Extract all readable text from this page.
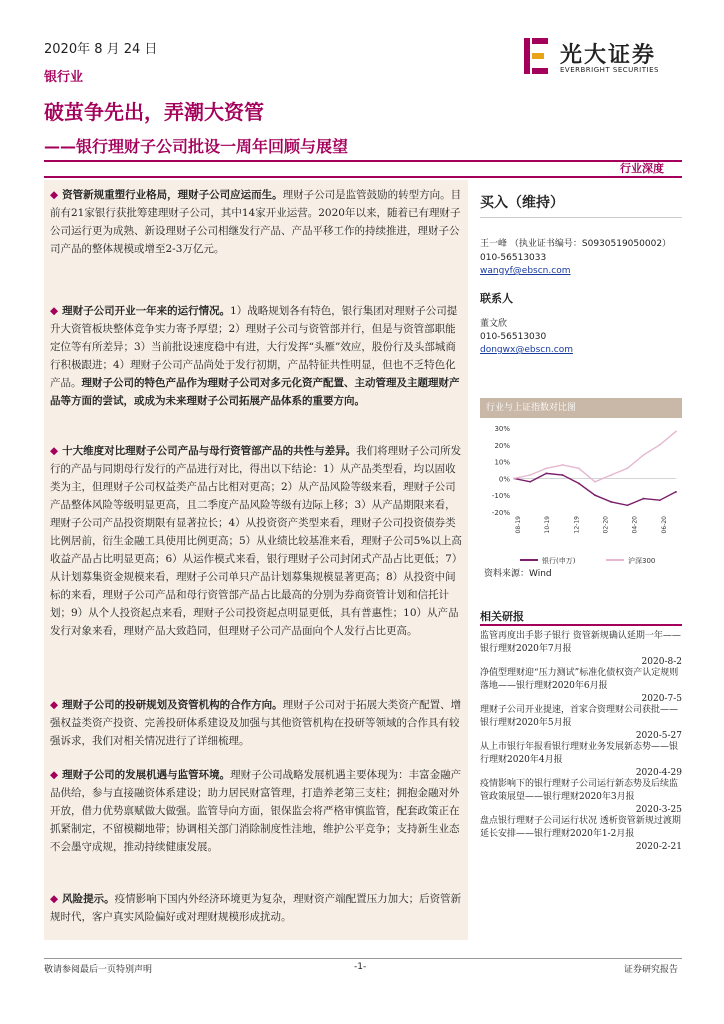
2020年 8 月 24 日
银行业
破茧争先出，弄潮大资管
——银行理财子公司批设一周年回顾与展望
光大证券
EVERBRIGHT SECURITIES
行业深度
◆ 资管新规重塑行业格局，理财子公司应运而生。理财子公司是监管鼓励的转型方向。目前有21家银行获批筹建理财子公司，其中14家开业运营。2020年以来，随着已有理财子公司运行更为成熟、新设理财子公司相继发行产品、产品平移工作的持续推进，理财子公司产品的整体规模或增至2-3万亿元。
◆ 理财子公司开业一年来的运行情况。1）战略规划各有特色，银行集团对理财子公司提升大资管板块整体竞争实力寄予厚望；2）理财子公司与资管部并行，但是与资管部职能定位等有所差异；3）当前批设速度稳中有进，大行发挥“头雁”效应，股份行及头部城商行积极跟进；4）理财子公司产品尚处于发行初期，产品特征共性明显，但也不乏特色化产品。理财子公司的特色产品作为理财子公司对多元化资产配置、主动管理及主题理财产品等方面的尝试，或成为未来理财子公司拓展产品体系的重要方向。
◆ 十大维度对比理财子公司产品与母行资管部产品的共性与差异。我们将理财子公司所发行的产品与同期母行发行的产品进行对比，得出以下结论：1）从产品类型看，均以固收类为主，但理财子公司权益类产品占比相对更高；2）从产品风险等级来看，理财子公司产品整体风险等级明显更高，且二季度产品风险等级有边际上移；3）从产品期限来看，理财子公司产品投资期限有显著拉长；4）从投资资产类型来看，理财子公司投资债券类比例居前，衍生金融工具使用比例更高；5）从业绩比较基准来看，理财子公司5%以上高收益产品占比明显更高；6）从运作模式来看，银行理财子公司封闭式产品占比更低；7）从计划募集资金规模来看，理财子公司单只产品计划募集规模显著更高；8）从投资中间标的来看，理财子公司产品和母行资管部产品占比最高的分别为券商资管计划和信托计划；9）从个人投资起点来看，理财子公司投资起点明显更低，具有普惠性；10）从产品发行对象来看，理财产品大致趋同，但理财子公司产品面向个人发行占比更高。
◆ 理财子公司的投研规划及资管机构的合作方向。理财子公司对于拓展大类资产配置、增强权益类资产投资、完善投研体系建设及加强与其他资管机构在投研等领域的合作具有较强诉求，我们对相关情况进行了详细梳理。
◆ 理财子公司的发展机遇与监管环境。理财子公司战略发展机遇主要体现为：丰富金融产品供给，参与直接融资体系建设；助力居民财富管理，打造养老第三支柱；拥抱金融对外开放，借力优势禀赋做大做强。监管导向方面，银保监会将严格审慎监管，配套政策正在抓紧制定，不留模糊地带；协调相关部门消除制度性洼地，维护公平竞争；支持新生业态不会墨守成规，推动持续健康发展。
◆ 风险提示。疫情影响下国内外经济环境更为复杂，理财资产端配置压力加大；后资管新规时代，客户真实风险偏好或对理财规模形成扰动。
买入（维持）
王一峰 （执业证书编号：S0930519050002）
010-56513033
wangyf@ebscn.com
联系人
董文欣
010-56513030
dongwx@ebscn.com
行业与上证指数对比图
30%
20%
10%
0%
-10%
-20%
08-19	10-19	12-19	02-20	04-20	06-20
银行(申万)	沪深300
资料来源：Wind
相关研报
监管再度出手影子银行 资管新规确认延期一年——银行理财2020年7月报
2020-8-2
净值型理财迎“压力测试”标准化债权资产认定规则落地——银行理财2020年6月报
2020-7-5
理财子公司开业提速，首家合资理财公司获批——银行理财2020年5月报
2020-5-27
从上市银行年报看银行理财业务发展新态势——银行理财2020年4月报
2020-4-29
疫情影响下的银行理财子公司运行新态势及后续监管政策展望——银行理财2020年3月报
2020-3-25
盘点银行理财子公司运行状况 透析资管新规过渡期延长安排——银行理财2020年1-2月报
2020-2-21
敬请参阅最后一页特别声明	-1-	证券研究报告
